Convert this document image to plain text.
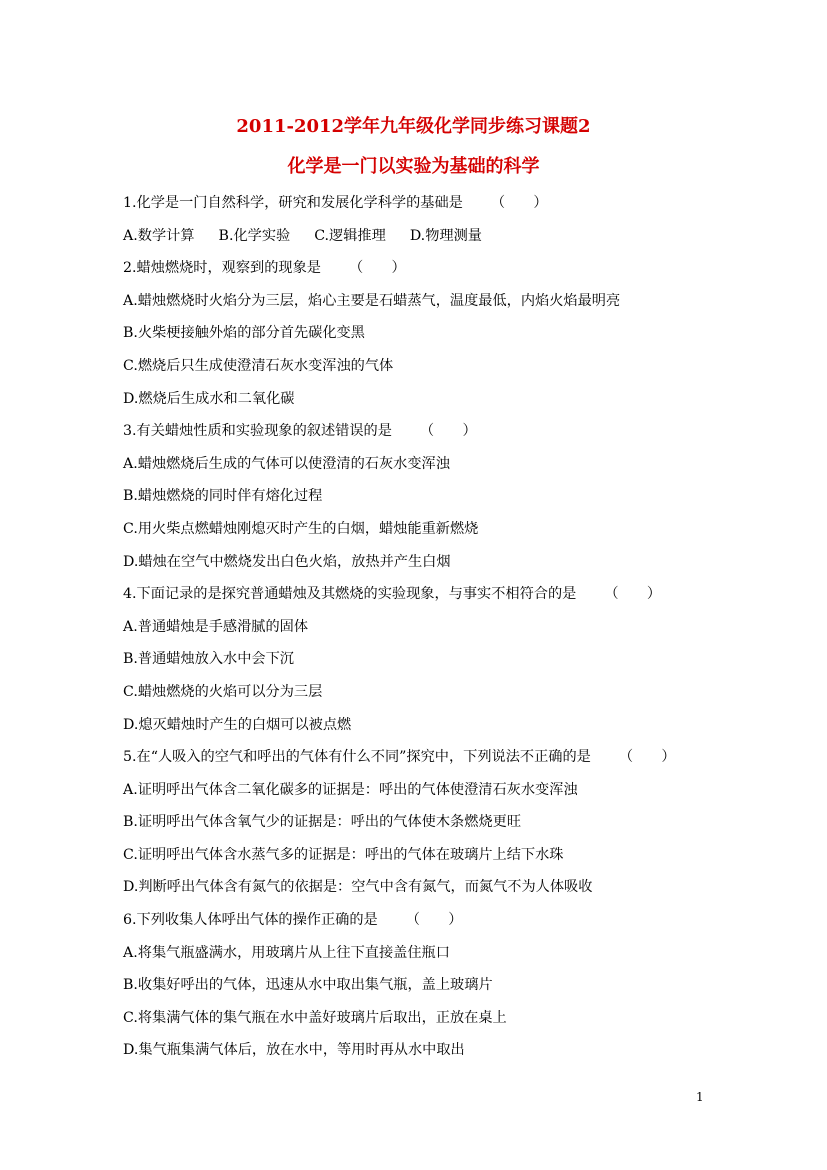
2011-2012学年九年级化学同步练习课题2
化学是一门以实验为基础的科学
1.化学是一门自然科学，研究和发展化学科学的基础是 （　　）
A.数学计算 B.化学实验 C.逻辑推理 D.物理测量
2.蜡烛燃烧时，观察到的现象是 （　　）
A.蜡烛燃烧时火焰分为三层，焰心主要是石蜡蒸气，温度最低，内焰火焰最明亮
B.火柴梗接触外焰的部分首先碳化变黑
C.燃烧后只生成使澄清石灰水变浑浊的气体
D.燃烧后生成水和二氧化碳
3.有关蜡烛性质和实验现象的叙述错误的是 （　　）
A.蜡烛燃烧后生成的气体可以使澄清的石灰水变浑浊
B.蜡烛燃烧的同时伴有熔化过程
C.用火柴点燃蜡烛刚熄灭时产生的白烟，蜡烛能重新燃烧
D.蜡烛在空气中燃烧发出白色火焰，放热并产生白烟
4.下面记录的是探究普通蜡烛及其燃烧的实验现象，与事实不相符合的是 （　　）
A.普通蜡烛是手感滑腻的固体
B.普通蜡烛放入水中会下沉
C.蜡烛燃烧的火焰可以分为三层
D.熄灭蜡烛时产生的白烟可以被点燃
5.在“人吸入的空气和呼出的气体有什么不同”探究中，下列说法不正确的是 （　　）
A.证明呼出气体含二氧化碳多的证据是：呼出的气体使澄清石灰水变浑浊
B.证明呼出气体含氧气少的证据是：呼出的气体使木条燃烧更旺
C.证明呼出气体含水蒸气多的证据是：呼出的气体在玻璃片上结下水珠
D.判断呼出气体含有氮气的依据是：空气中含有氮气，而氮气不为人体吸收
6.下列收集人体呼出气体的操作正确的是 （　　）
A.将集气瓶盛满水，用玻璃片从上往下直接盖住瓶口
B.收集好呼出的气体，迅速从水中取出集气瓶，盖上玻璃片
C.将集满气体的集气瓶在水中盖好玻璃片后取出，正放在桌上
D.集气瓶集满气体后，放在水中，等用时再从水中取出
1
